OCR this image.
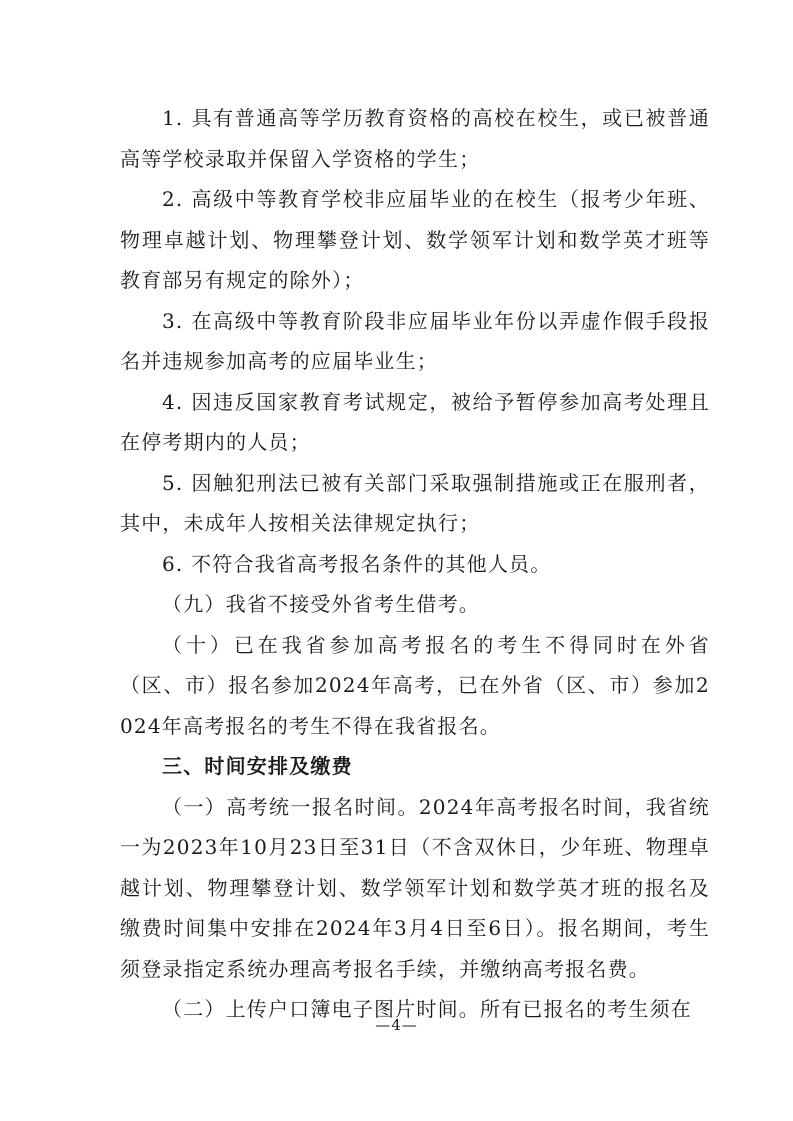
1. 具有普通高等学历教育资格的高校在校生，或已被普通高等学校录取并保留入学资格的学生；

2. 高级中等教育学校非应届毕业的在校生（报考少年班、物理卓越计划、物理攀登计划、数学领军计划和数学英才班等教育部另有规定的除外）；

3. 在高级中等教育阶段非应届毕业年份以弄虚作假手段报名并违规参加高考的应届毕业生；

4. 因违反国家教育考试规定，被给予暂停参加高考处理且在停考期内的人员；

5. 因触犯刑法已被有关部门采取强制措施或正在服刑者，其中，未成年人按相关法律规定执行；

6. 不符合我省高考报名条件的其他人员。

（九）我省不接受外省考生借考。

（十）已在我省参加高考报名的考生不得同时在外省（区、市）报名参加2024年高考，已在外省（区、市）参加2024年高考报名的考生不得在我省报名。

三、时间安排及缴费

（一）高考统一报名时间。2024年高考报名时间，我省统一为2023年10月23日至31日（不含双休日，少年班、物理卓越计划、物理攀登计划、数学领军计划和数学英才班的报名及缴费时间集中安排在2024年3月4日至6日）。报名期间，考生须登录指定系统办理高考报名手续，并缴纳高考报名费。

（二）上传户口簿电子图片时间。所有已报名的考生须在

—4—
